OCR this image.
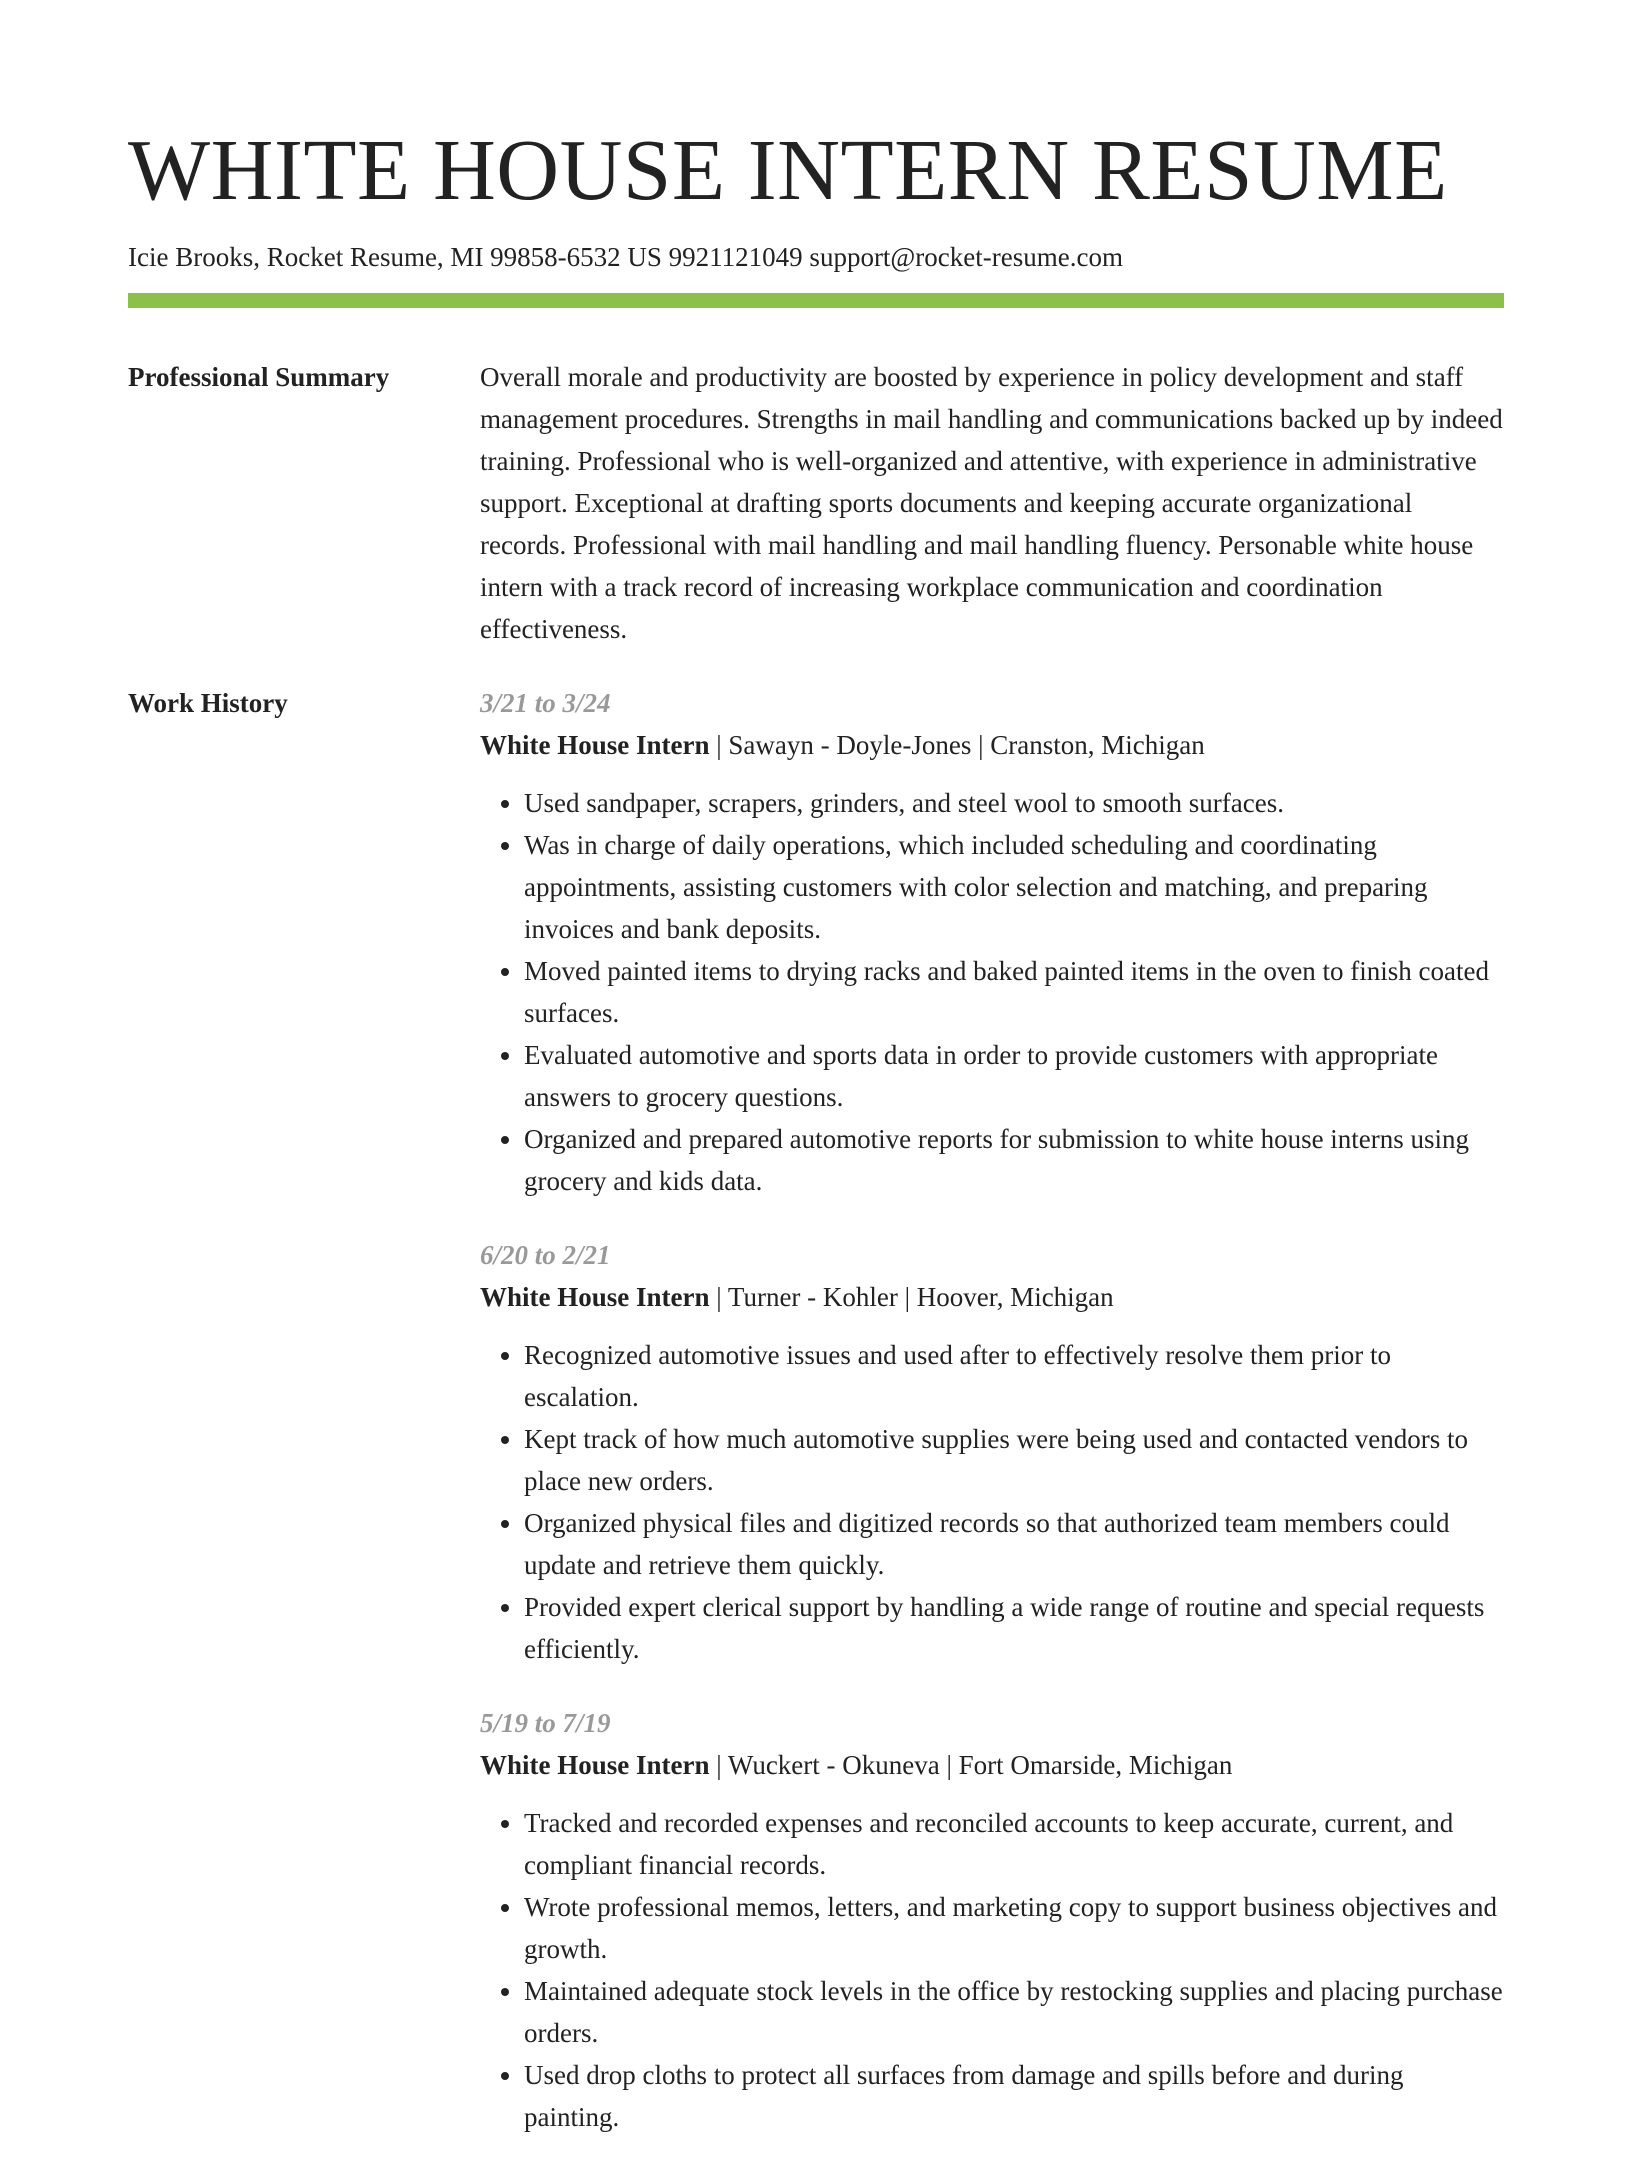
WHITE HOUSE INTERN RESUME
Icie Brooks, Rocket Resume, MI 99858-6532 US 9921121049 support@rocket-resume.com
Professional Summary	Overall morale and productivity are boosted by experience in policy development and staff management procedures. Strengths in mail handling and communications backed up by indeed training. Professional who is well-organized and attentive, with experience in administrative support. Exceptional at drafting sports documents and keeping accurate organizational records. Professional with mail handling and mail handling fluency. Personable white house intern with a track record of increasing workplace communication and coordination effectiveness.

Work History	3/21 to 3/24
White House Intern | Sawayn - Doyle-Jones | Cranston, Michigan
• Used sandpaper, scrapers, grinders, and steel wool to smooth surfaces.
• Was in charge of daily operations, which included scheduling and coordinating appointments, assisting customers with color selection and matching, and preparing invoices and bank deposits.
• Moved painted items to drying racks and baked painted items in the oven to finish coated surfaces.
• Evaluated automotive and sports data in order to provide customers with appropriate answers to grocery questions.
• Organized and prepared automotive reports for submission to white house interns using grocery and kids data.
6/20 to 2/21
White House Intern | Turner - Kohler | Hoover, Michigan
• Recognized automotive issues and used after to effectively resolve them prior to escalation.
• Kept track of how much automotive supplies were being used and contacted vendors to place new orders.
• Organized physical files and digitized records so that authorized team members could update and retrieve them quickly.
• Provided expert clerical support by handling a wide range of routine and special requests efficiently.
5/19 to 7/19
White House Intern | Wuckert - Okuneva | Fort Omarside, Michigan
• Tracked and recorded expenses and reconciled accounts to keep accurate, current, and compliant financial records.
• Wrote professional memos, letters, and marketing copy to support business objectives and growth.
• Maintained adequate stock levels in the office by restocking supplies and placing purchase orders.
• Used drop cloths to protect all surfaces from damage and spills before and during painting.
